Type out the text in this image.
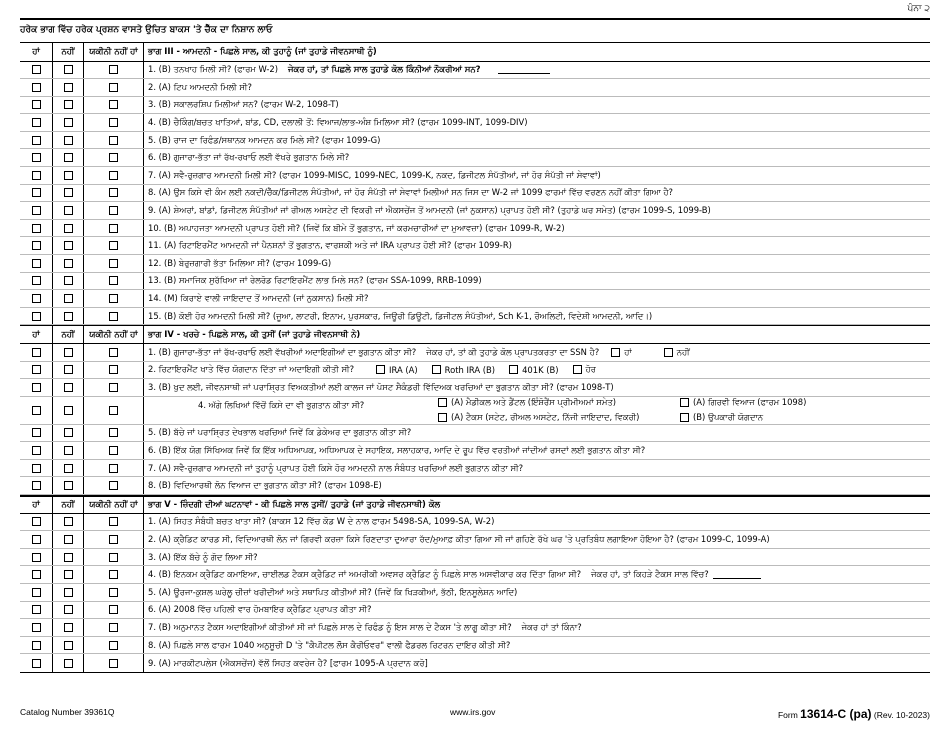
ਪੰਨਾ ੨
ਹਰੇਕ ਭਾਗ ਵਿੱਚ ਹਰੇਕ ਪ੍ਰਸ਼ਨ ਵਾਸਤੇ ਉਚਿਤ ਬਾਕਸ 'ਤੇ ਚੈੱਕ ਦਾ ਨਿਸ਼ਾਨ ਲਾਓ
ਹਾਂ	ਨਹੀਂ	ਯਕੀਨੀ ਨਹੀਂ ਹਾਂ	ਭਾਗ III - ਆਮਦਨੀ - ਪਿਛਲੇ ਸਾਲ, ਕੀ ਤੁਹਾਨੂੰ (ਜਾਂ ਤੁਹਾਡੇ ਜੀਵਨਸਾਥੀ ਨੂੰ)
1. (B) ਤਨਖਾਹ ਮਿਲੀ ਸੀ? (ਫਾਰਮ W-2) ਜੇਕਰ ਹਾਂ, ਤਾਂ ਪਿਛਲੇ ਸਾਲ ਤੁਹਾਡੇ ਕੋਲ ਕਿੰਨੀਆਂ ਨੌਕਰੀਆਂ ਸਨ?
2. (A) ਟਿਪ ਆਮਦਨੀ ਮਿਲੀ ਸੀ?
3. (B) ਸਕਾਲਰਸ਼ਿਪ ਮਿਲੀਆਂ ਸਨ? (ਫਾਰਮ W-2, 1098-T)
4. (B) ਚੈਕਿੰਗ/ਬਚਤ ਖਾਤਿਆਂ, ਬਾਂਡ, CD, ਦਲਾਲੀ ਤੋਂ: ਵਿਆਜ/ਲਾਭ-ਅੰਸ਼ ਮਿਲਿਆ ਸੀ? (ਫਾਰਮ 1099-INT, 1099-DIV)
5. (B) ਰਾਜ ਦਾ ਰਿਫੰਡ/ਸਥਾਨਕ ਆਮਦਨ ਕਰ ਮਿਲੇ ਸੀ? (ਫਾਰਮ 1099-G)
6. (B) ਗੁਜਾਰਾ-ਭੱਤਾ ਜਾਂ ਰੱਖ-ਰਖਾਓ ਲਈ ਵੱਖਰੇ ਭੁਗਤਾਨ ਮਿਲੇ ਸੀ?
7. (A) ਸਵੈ-ਰੁਜ਼ਗਾਰ ਆਮਦਨੀ ਮਿਲੀ ਸੀ? (ਫਾਰਮ 1099-MISC, 1099-NEC, 1099-K, ਨਕਦ, ਡਿਜੀਟਲ ਸੰਪੱਤੀਆਂ, ਜਾਂ ਹੋਰ ਸੰਪੱਤੀ ਜਾਂ ਸੇਵਾਵਾਂ)
8. (A) ਉਸ ਕਿਸੇ ਵੀ ਕੰਮ ਲਈ ਨਕਦੀ/ਚੈੱਕ/ਡਿਜੀਟਲ ਸੰਪੱਤੀਆਂ, ਜਾਂ ਹੋਰ ਸੰਪੱਤੀ ਜਾਂ ਸੇਵਾਵਾਂ ਮਿਲੀਆਂ ਸਨ ਜਿਸ ਦਾ W-2 ਜਾਂ 1099 ਫਾਰਮਾਂ ਵਿੱਚ ਵਰਣਨ ਨਹੀਂ ਕੀਤਾ ਗਿਆ ਹੈ?
9. (A) ਸ਼ੇਅਰਾਂ, ਬਾਂਡਾਂ, ਡਿਜੀਟਲ ਸੰਪੱਤੀਆਂ ਜਾਂ ਰੀਅਲ ਅਸਟੇਟ ਦੀ ਵਿਕਰੀ ਜਾਂ ਐਕਸਚੇਂਜ ਤੋਂ ਆਮਦਨੀ (ਜਾਂ ਨੁਕਸਾਨ) ਪ੍ਰਾਪਤ ਹੋਈ ਸੀ? (ਤੁਹਾਡੇ ਘਰ ਸਮੇਤ) (ਫਾਰਮ 1099-S, 1099-B)
10. (B) ਅਪਾਹਜਤਾ ਆਮਦਨੀ ਪ੍ਰਾਪਤ ਹੋਈ ਸੀ? (ਜਿਵੇਂ ਕਿ ਬੀਮੇ ਤੋਂ ਭੁਗਤਾਨ, ਜਾਂ ਕਰਮਚਾਰੀਆਂ ਦਾ ਮੁਆਵਜ਼ਾ) (ਫਾਰਮ 1099-R, W-2)
11. (A) ਰਿਟਾਇਰਮੈਂਟ ਆਮਦਨੀ ਜਾਂ ਪੈਨਸ਼ਨਾਂ ਤੋਂ ਭੁਗਤਾਨ, ਵਾਰਸ਼ਕੀ ਅਤੇ ਜਾਂ IRA ਪ੍ਰਾਪਤ ਹੋਈ ਸੀ? (ਫਾਰਮ 1099-R)
12. (B) ਬੇਰੁਜ਼ਗਾਰੀ ਭੱਤਾ ਮਿਲਿਆ ਸੀ? (ਫਾਰਮ 1099-G)
13. (B) ਸਮਾਜਿਕ ਸੁਰੱਖਿਆ ਜਾਂ ਰੇਲਰੋਡ ਰਿਟਾਇਰਮੈਂਟ ਲਾਭ ਮਿਲੇ ਸਨ? (ਫਾਰਮ SSA-1099, RRB-1099)
14. (M) ਕਿਰਾਏ ਵਾਲੀ ਜਾਇਦਾਦ ਤੋਂ ਆਮਦਨੀ (ਜਾਂ ਨੁਕਸਾਨ) ਮਿਲੀ ਸੀ?
15. (B) ਕੋਈ ਹੋਰ ਆਮਦਨੀ ਮਿਲੀ ਸੀ? (ਜੂਆ, ਲਾਟਰੀ, ਇਨਾਮ, ਪੁਰਸਕਾਰ, ਜਿਊਰੀ ਡਿਊਟੀ, ਡਿਜੀਟਲ ਸੰਪੱਤੀਆਂ, Sch K-1, ਰੌਅਲਿਟੀ, ਵਿਦੇਸ਼ੀ ਆਮਦਨੀ, ਆਦਿ।)
ਹਾਂ	ਨਹੀਂ	ਯਕੀਨੀ ਨਹੀਂ ਹਾਂ	ਭਾਗ IV - ਖਰਚੇ - ਪਿਛਲੇ ਸਾਲ, ਕੀ ਤੁਸੀਂ (ਜਾਂ ਤੁਹਾਡੇ ਜੀਵਨਸਾਥੀ ਨੇ)
1. (B) ਗੁਜਾਰਾ-ਭੱਤਾ ਜਾਂ ਰੱਖ-ਰਖਾਓ ਲਈ ਵੱਖਰੀਆਂ ਅਦਾਇਗੀਆਂ ਦਾ ਭੁਗਤਾਨ ਕੀਤਾ ਸੀ? ਜੇਕਰ ਹਾਂ, ਤਾਂ ਕੀ ਤੁਹਾਡੇ ਕੋਲ ਪ੍ਰਾਪਤਕਰਤਾ ਦਾ SSN ਹੈ?	ਹਾਂ	ਨਹੀਂ
2. ਰਿਟਾਇਰਮੈਂਟ ਖਾਤੇ ਵਿੱਚ ਯੋਗਦਾਨ ਦਿੱਤਾ ਜਾਂ ਅਦਾਇਗੀ ਕੀਤੀ ਸੀ?	IRA (A)	Roth IRA (B)	401K (B)	ਹੋਰ
3. (B) ਖੁਦ ਲਈ, ਜੀਵਨਸਾਥੀ ਜਾਂ ਪਰਾਸ਼੍ਰਿਤ ਵਿਅਕਤੀਆਂ ਲਈ ਕਾਲਜ ਜਾਂ ਪੋਸਟ ਸੈਕੰਡਰੀ ਵਿੱਦਿਅਕ ਖਰਚਿਆਂ ਦਾ ਭੁਗਤਾਨ ਕੀਤਾ ਸੀ? (ਫਾਰਮ 1098-T)
4. ਅੱਗੇ ਲਿਖਿਆਂ ਵਿੱਚੋਂ ਕਿਸੇ ਦਾ ਵੀ ਭੁਗਤਾਨ ਕੀਤਾ ਸੀ?	(A) ਮੈਡੀਕਲ ਅਤੇ ਡੈਂਟਲ (ਇੰਸ਼ੋਰੈਂਸ ਪ੍ਰੀਮੀਅਮਾਂ ਸਮੇਤ)	(A) ਗਿਰਵੀ ਵਿਆਜ (ਫਾਰਮ 1098)
(A) ਟੈਕਸ (ਸਟੇਟ, ਰੀਅਲ ਅਸਟੇਟ, ਨਿੱਜੀ ਜਾਇਦਾਦ, ਵਿਕਰੀ)	(B) ਉਪਕਾਰੀ ਯੋਗਦਾਨ
5. (B) ਬੱਚੇ ਜਾਂ ਪਰਾਸ਼੍ਰਿਤ ਦੇਖਭਾਲ ਖਰਚਿਆਂ ਜਿਵੇਂ ਕਿ ਡੇਕੇਅਰ ਦਾ ਭੁਗਤਾਨ ਕੀਤਾ ਸੀ?
6. (B) ਇੱਕ ਯੋਗ ਸਿੱਖਿਅਕ ਜਿਵੇਂ ਕਿ ਇੱਕ ਅਧਿਆਪਕ, ਅਧਿਆਪਕ ਦੇ ਸਹਾਇਕ, ਸਲਾਹਕਾਰ, ਆਦਿ ਦੇ ਰੂਪ ਵਿੱਚ ਵਰਤੀਆਂ ਜਾਂਦੀਆਂ ਰਸਦਾਂ ਲਈ ਭੁਗਤਾਨ ਕੀਤਾ ਸੀ?
7. (A) ਸਵੈ-ਰੁਜ਼ਗਾਰ ਆਮਦਨੀ ਜਾਂ ਤੁਹਾਨੂੰ ਪ੍ਰਾਪਤ ਹੋਈ ਕਿਸੇ ਹੋਰ ਆਮਦਨੀ ਨਾਲ ਸੰਬੰਧਤ ਖਰਚਿਆਂ ਲਈ ਭੁਗਤਾਨ ਕੀਤਾ ਸੀ?
8. (B) ਵਿਦਿਆਰਥੀ ਲੋਨ ਵਿਆਜ ਦਾ ਭੁਗਤਾਨ ਕੀਤਾ ਸੀ? (ਫਾਰਮ 1098-E)
ਹਾਂ	ਨਹੀਂ	ਯਕੀਨੀ ਨਹੀਂ ਹਾਂ	ਭਾਗ V - ਜ਼ਿੰਦਗੀ ਦੀਆਂ ਘਟਨਾਵਾਂ - ਕੀ ਪਿਛਲੇ ਸਾਲ ਤੁਸੀਂ/ ਤੁਹਾਡੇ (ਜਾਂ ਤੁਹਾਡੇ ਜੀਵਨਸਾਥੀ) ਕੋਲ
1. (A) ਸਿਹਤ ਸੰਬੰਧੀ ਬਚਤ ਖਾਤਾ ਸੀ? (ਬਾਕਸ 12 ਵਿੱਚ ਕੋਡ W ਦੇ ਨਾਲ ਫਾਰਮ 5498-SA, 1099-SA, W-2)
2. (A) ਕ੍ਰੈਡਿਟ ਕਾਰਡ ਸੀ, ਵਿਦਿਆਰਥੀ ਲੋਨ ਜਾਂ ਗਿਰਵੀ ਕਰਜ਼ਾ ਕਿਸੇ ਰਿਣਦਾਤਾ ਦੁਆਰਾ ਰੱਦ/ਮੁਆਫ਼ ਕੀਤਾ ਗਿਆ ਸੀ ਜਾਂ ਗਹਿਣੇ ਰੱਖੇ ਘਰ 'ਤੇ ਪ੍ਰਤਿਬੰਧ ਲਗਾਇਆ ਹੋਇਆ ਹੈ? (ਫਾਰਮ 1099-C, 1099-A)
3. (A) ਇੱਕ ਬੱਚੇ ਨੂੰ ਗੋਦ ਲਿਆ ਸੀ?
4. (B) ਇਨਕਮ ਕ੍ਰੈਡਿਟ ਕਮਾਇਆ, ਚਾਈਲਡ ਟੈਕਸ ਕ੍ਰੈਡਿਟ ਜਾਂ ਅਮਰੀਕੀ ਅਵਸਰ ਕ੍ਰੈਡਿਟ ਨੂੰ ਪਿਛਲੇ ਸਾਲ ਅਸਵੀਕਾਰ ਕਰ ਦਿੱਤਾ ਗਿਆ ਸੀ? ਜੇਕਰ ਹਾਂ, ਤਾਂ ਕਿਹੜੇ ਟੈਕਸ ਸਾਲ ਵਿੱਚ?
5. (A) ਊਰਜਾ-ਕੁਸ਼ਲ ਘਰੇਲੂ ਚੀਜ਼ਾਂ ਖਰੀਦੀਆਂ ਅਤੇ ਸਥਾਪਿਤ ਕੀਤੀਆਂ ਸੀ? (ਜਿਵੇਂ ਕਿ ਖਿੜਕੀਆਂ, ਭੱਠੀ, ਇਨਸੂਲੇਸ਼ਨ ਆਦਿ)
6. (A) 2008 ਵਿੱਚ ਪਹਿਲੀ ਵਾਰ ਹੋਮਬਾਇਰ ਕ੍ਰੈਡਿਟ ਪ੍ਰਾਪਤ ਕੀਤਾ ਸੀ?
7. (B) ਅਨੁਮਾਨਤ ਟੈਕਸ ਅਦਾਇਗੀਆਂ ਕੀਤੀਆਂ ਸੀ ਜਾਂ ਪਿਛਲੇ ਸਾਲ ਦੇ ਰਿਫੰਡ ਨੂੰ ਇਸ ਸਾਲ ਦੇ ਟੈਕਸ 'ਤੇ ਲਾਗੂ ਕੀਤਾ ਸੀ? ਜੇਕਰ ਹਾਂ ਤਾਂ ਕਿੰਨਾ?
8. (A) ਪਿਛਲੇ ਸਾਲ ਫਾਰਮ 1040 ਅਨੁਸੂਚੀ D 'ਤੇ "ਕੈਪੀਟਲ ਲੌਸ ਕੈਰੀਓਵਰ" ਵਾਲੀ ਫੈਡਰਲ ਰਿਟਰਨ ਦਾਇਰ ਕੀਤੀ ਸੀ?
9. (A) ਮਾਰਕੀਟਪਲੇਸ (ਐਕਸਚੇਂਜ) ਵੱਲੋਂ ਸਿਹਤ ਕਵਰੇਜ ਹੈ? [ਫਾਰਮ 1095-A ਪ੍ਰਦਾਨ ਕਰੋ]
Catalog Number 39361Q	www.irs.gov	Form 13614-C (pa) (Rev. 10-2023)
